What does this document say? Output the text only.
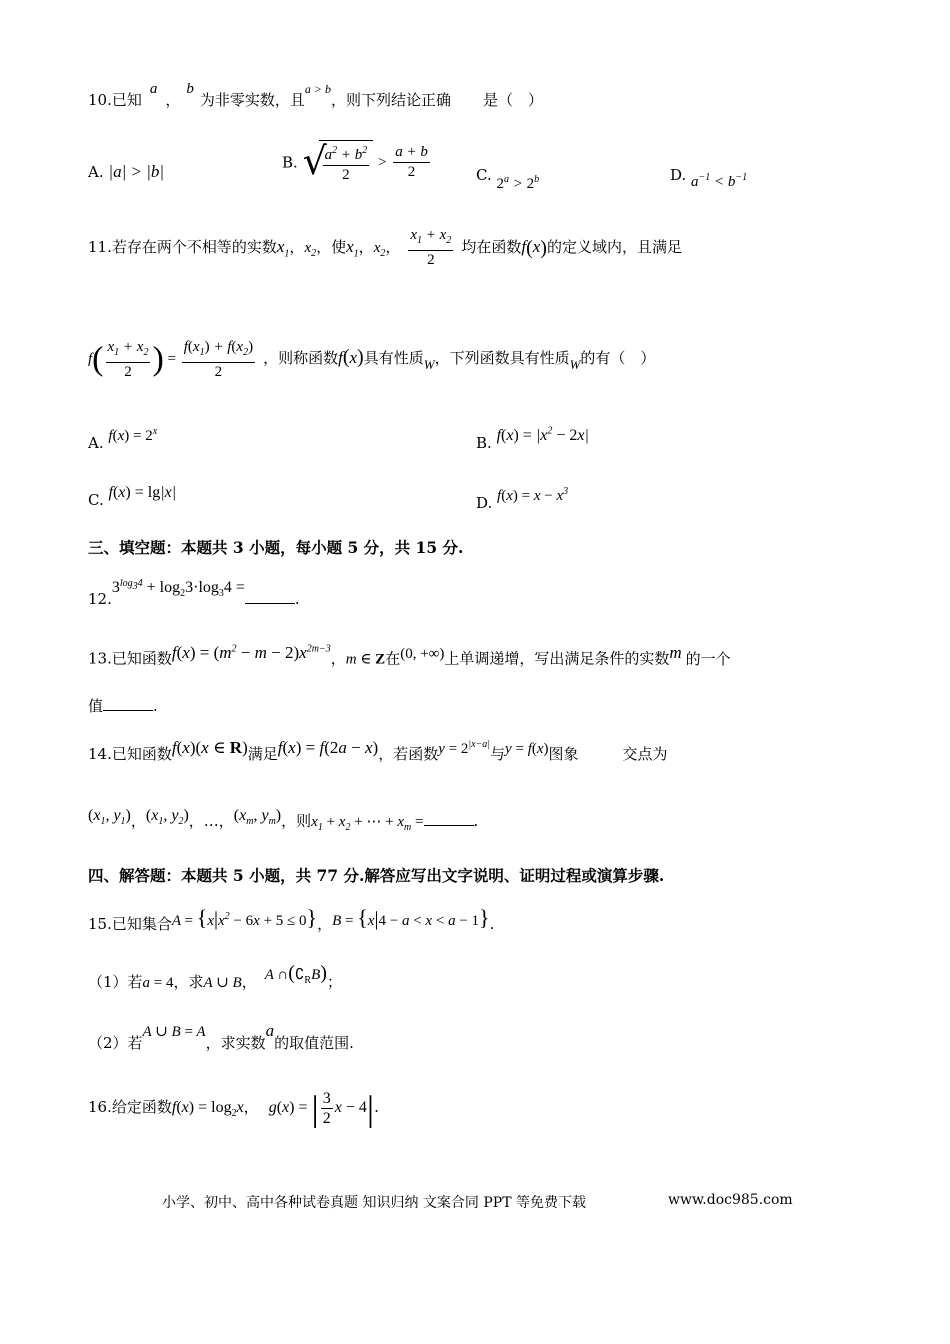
10.已知a，b为非零实数，且$^{a > b}$，则下列结论正确 是（　）
A. |a| > |b|	B. √
$\frac{a^2 + b^2}{2} > \frac{a + b}{2}$	C. $2^a > 2^b$	D. $a^{-1} < b^{-1}$
11.若存在两个不相等的实数$x_1$，$x_2$，使$x_1$，$x_2$， $\frac{x_1 + x_2}{2}$ 均在函数f(x)的定义域内，且满足
$f( \frac{x_1 + x_2}{2}$ ) = $\frac{f(x_1) + f(x_2)}{2}$ ，则称函数f(x)具有性质W，下列函数具有性质W的有（　）
A. $f(x) = 2^x$
B. $f(x) = |x^2 - 2x|$
C. f(x) = lg|x|
D. $f(x) = x - x^3$
三、填空题：本题共 3 小题，每小题 5 分，共 15 分.
$12.3^{log_34} + \log_23\cdot\log_34$ =.
13.已知函数$f(x) = (m^2 - m - 2)x^{2m-3}$，m ∈ Z在(0, +∞)上单调递增，写出满足条件的实数m 的一个
值	.
14.已知函数f(x)(x ∈ R)满足f(x) = f(2a − x)，若函数$y = 2^{|x-a|}$与y = f(x)图象	交点为
($x_1$, $y_1$)，($x_1$, $y_2$)，…，($x_m$, $y_m$)，则$x_1 + x_2$ + ⋯ + $x_m$ =	.
四、解答题：本题共 5 小题，共 77 分.解答应写出文字说明、证明过程或演算步骤.
15.已知集合$A = \{x|x^2 - 6x + 5 \le 0\}$，B = {x|4 − a < x < a − 1}.
（1）若a = 4，求A ∪ B， A $\cap(∁_RB)$；
（2）若A ∪ B = A，求实数a的取值范围.
16.给定函数$f(x) = \log_2x$， g(x) = | $\frac{3}{2}$ x − 4|.
小学、初中、高中各种试卷真题 知识归纳 文案合同 PPT 等免费下载	www.doc985.com
